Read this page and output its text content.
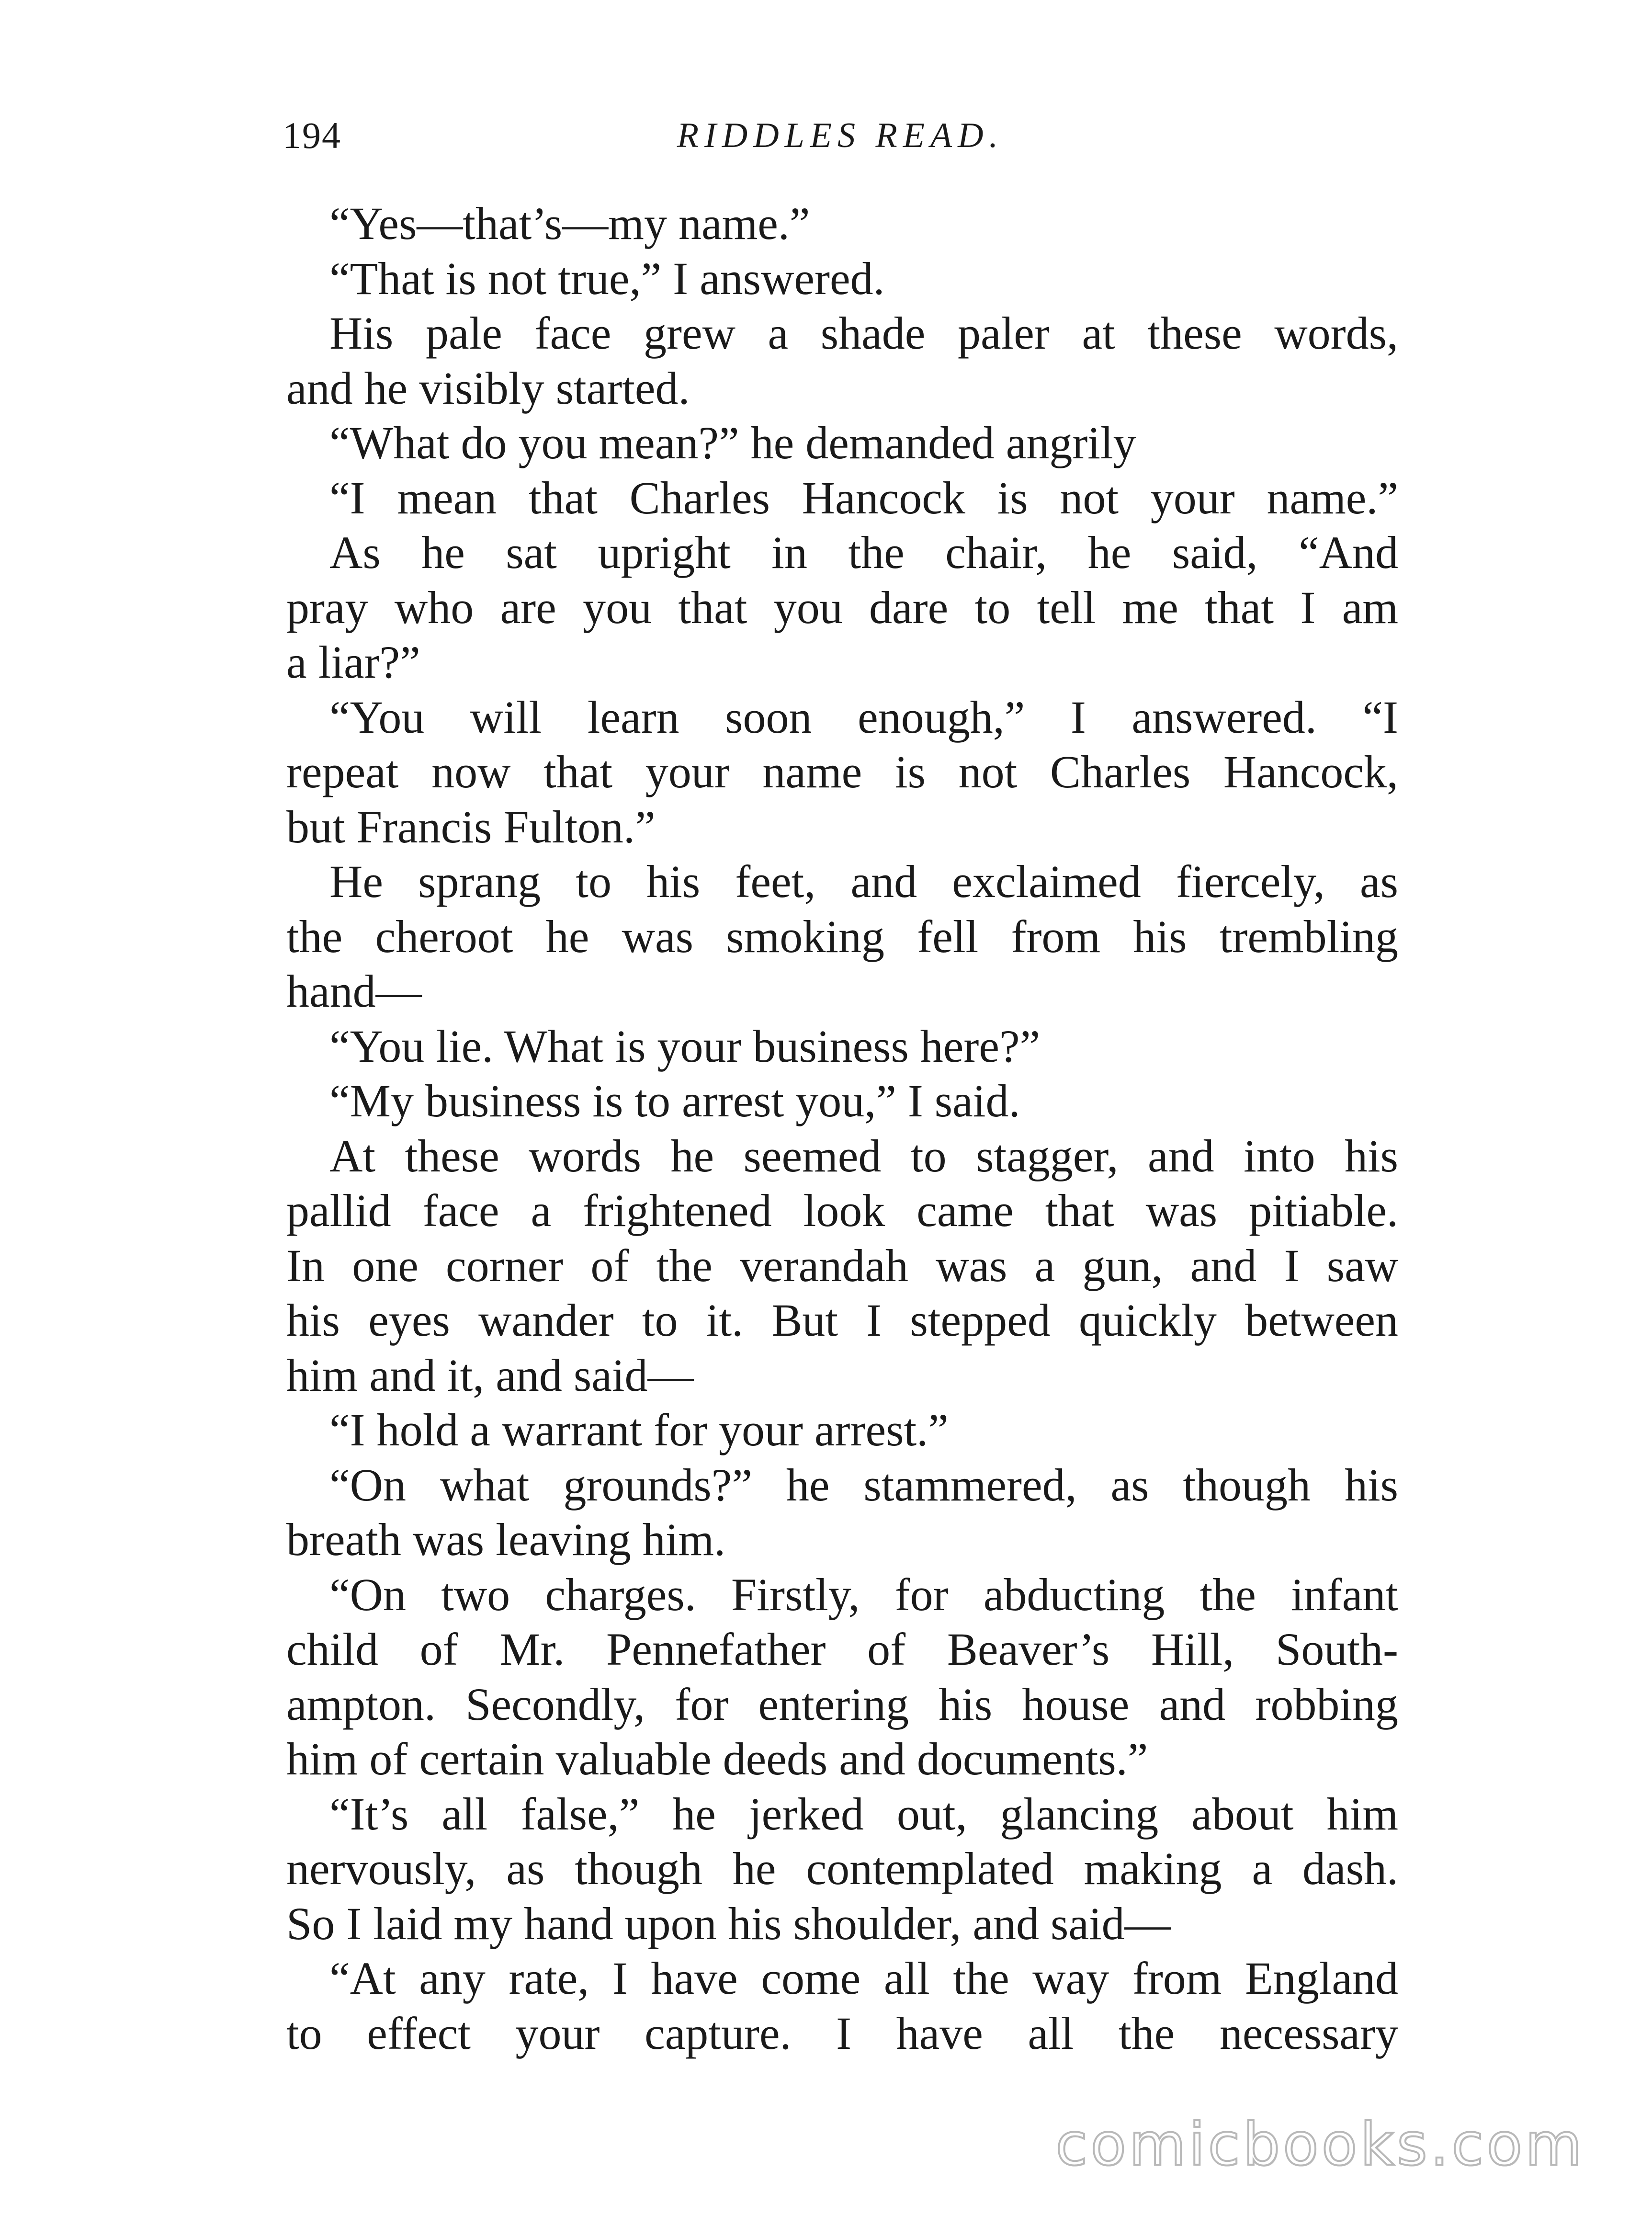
194	RIDDLES READ.
“Yes—that’s—my name.”
“That is not true,” I answered.
His pale face grew a shade paler at these words,
and he visibly started.
“What do you mean?” he demanded angrily
“I mean that Charles Hancock is not your name.”
As he sat upright in the chair, he said, “And
pray who are you that you dare to tell me that I am
a liar?”
“You will learn soon enough,” I answered. “I
repeat now that your name is not Charles Hancock,
but Francis Fulton.”
He sprang to his feet, and exclaimed fiercely, as
the cheroot he was smoking fell from his trembling
hand—
“You lie. What is your business here?”
“My business is to arrest you,” I said.
At these words he seemed to stagger, and into his
pallid face a frightened look came that was pitiable.
In one corner of the verandah was a gun, and I saw
his eyes wander to it. But I stepped quickly between
him and it, and said—
“I hold a warrant for your arrest.”
“On what grounds?” he stammered, as though his
breath was leaving him.
“On two charges. Firstly, for abducting the infant
child of Mr. Pennefather of Beaver’s Hill, South-
ampton. Secondly, for entering his house and robbing
him of certain valuable deeds and documents.”
“It’s all false,” he jerked out, glancing about him
nervously, as though he contemplated making a dash.
So I laid my hand upon his shoulder, and said—
“At any rate, I have come all the way from England
to effect your capture. I have all the necessary
comicbooks.com
